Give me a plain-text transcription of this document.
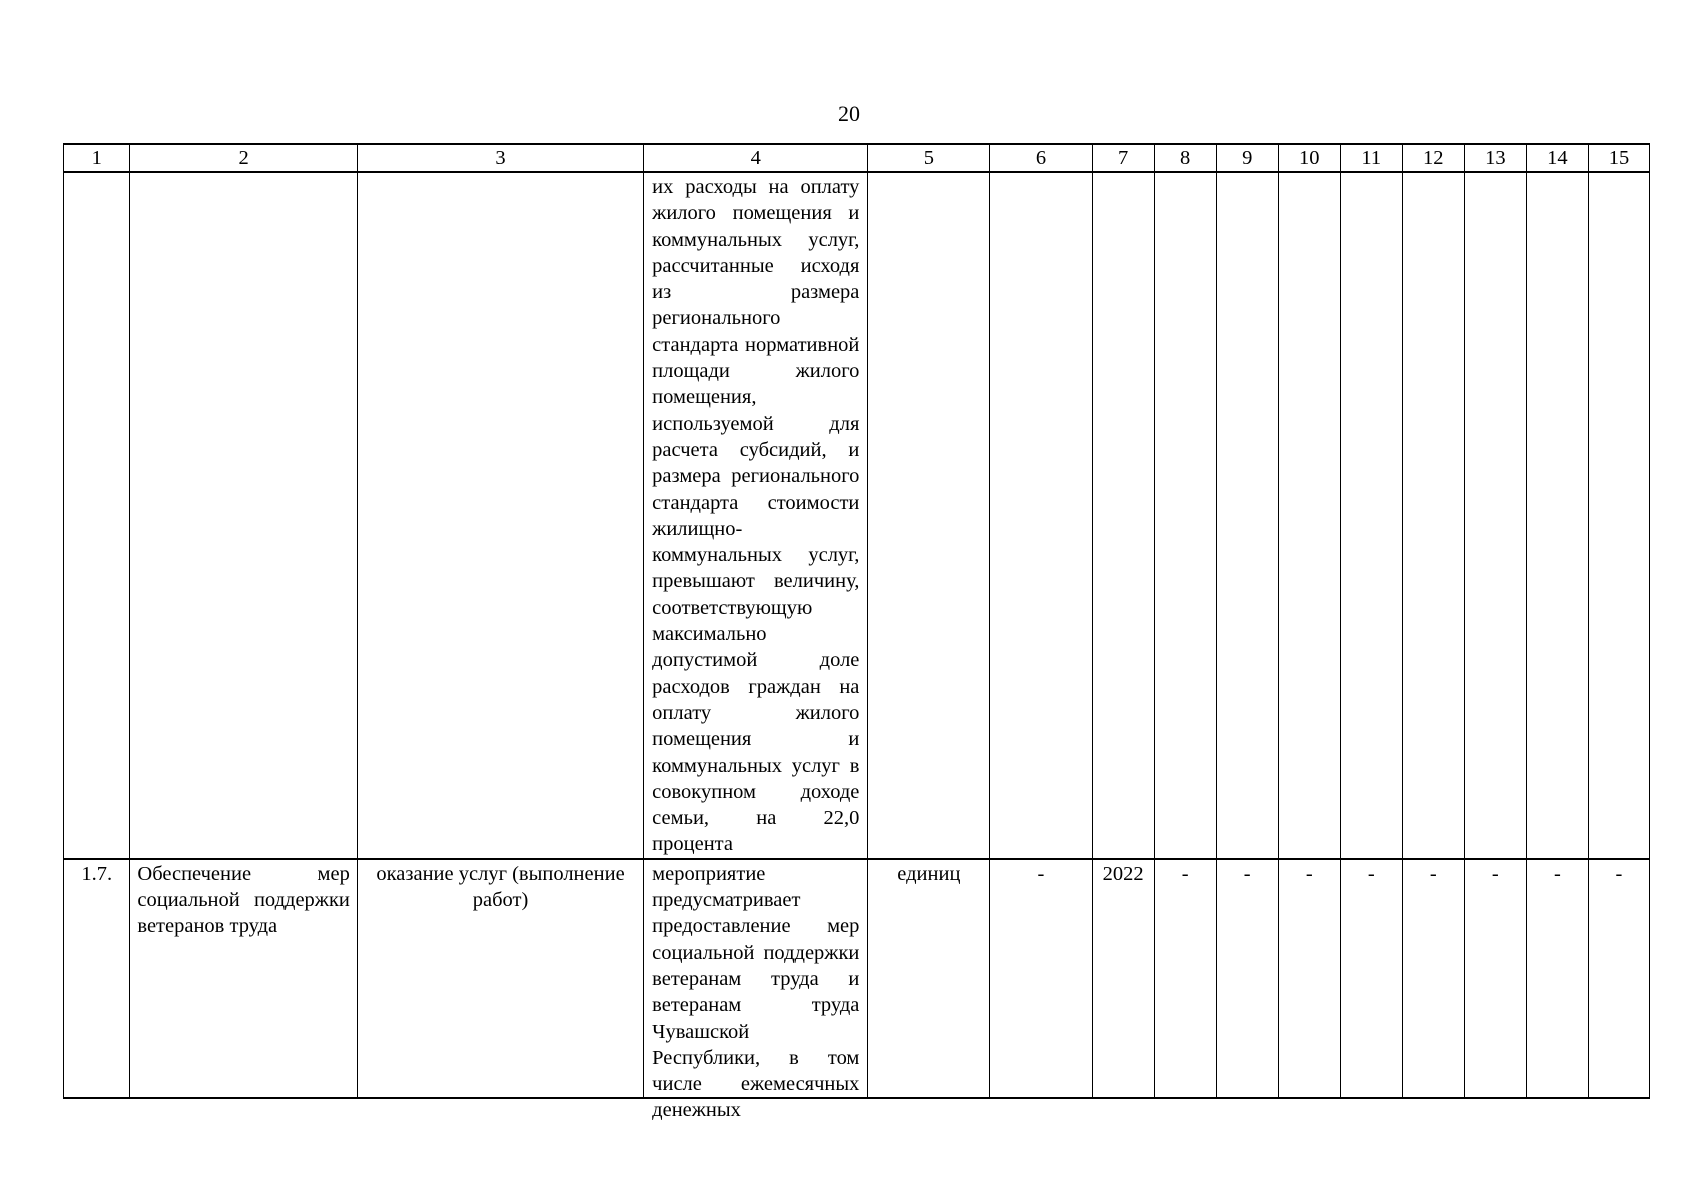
20
1	2	3	4	5	6	7	8	9	10	11	12	13	14	15
			их расходы на оплату жилого помещения и коммунальных услуг, рассчитанные исходя из размера регионального стандарта нормативной площади жилого помещения, используемой для расчета субсидий, и размера регионального стандарта стоимости жилищно-коммунальных услуг, превышают величину, соответствующую максимально допустимой доле расходов граждан на оплату жилого помещения и коммунальных услуг в совокупном доходе семьи, на 22,0 процента											
1.7.	Обеспечение мер социальной поддержки ветеранов труда	оказание услуг (выполнение работ)	мероприятие предусматривает предоставление мер социальной поддержки ветеранам труда и ветеранам труда Чувашской Республики, в том числе ежемесячных денежных	единиц	-	2022	-	-	-	-	-	-	-	-
